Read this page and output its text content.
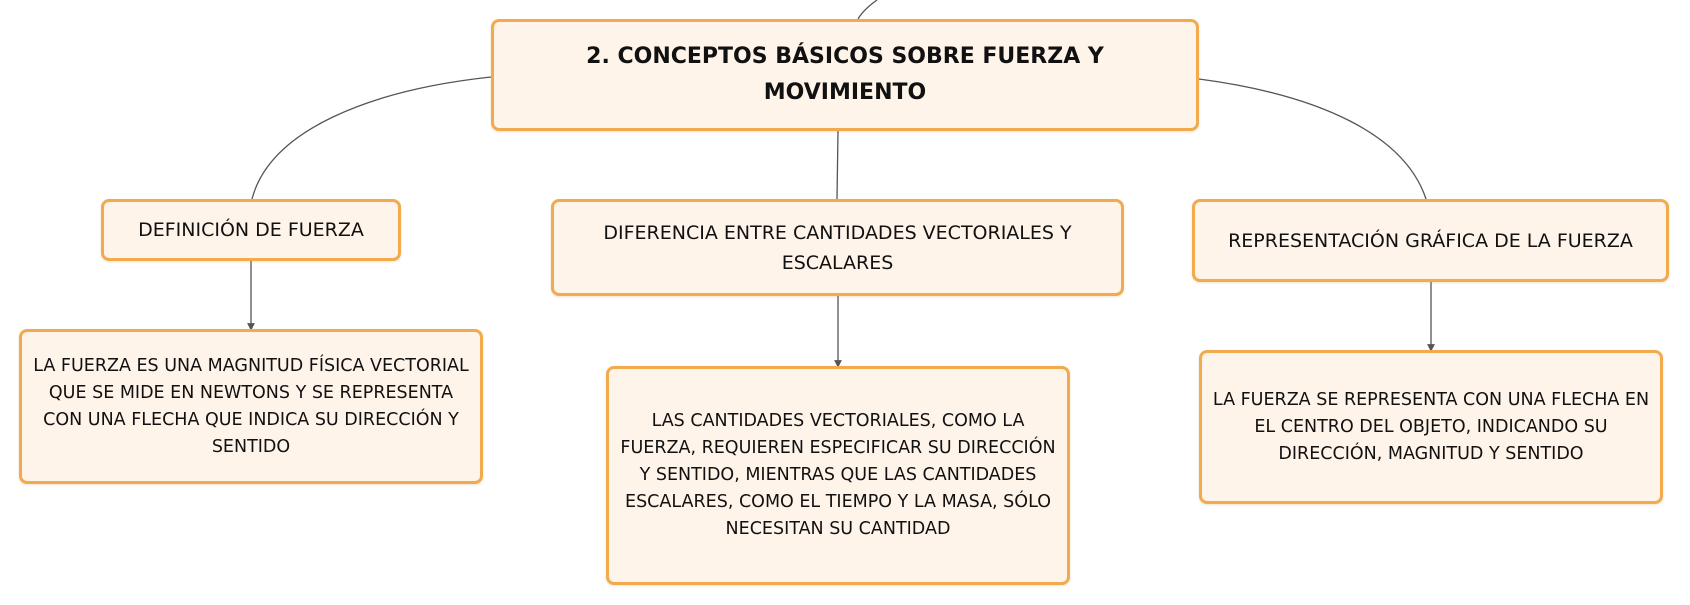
2. CONCEPTOS BÁSICOS SOBRE FUERZA Y MOVIMIENTO
DEFINICIÓN DE FUERZA	DIFERENCIA ENTRE CANTIDADES VECTORIALES Y ESCALARES
REPRESENTACIÓN GRÁFICA DE LA FUERZA
LA FUERZA ES UNA MAGNITUD FÍSICA VECTORIAL QUE SE MIDE EN NEWTONS Y SE REPRESENTA CON UNA FLECHA QUE INDICA SU DIRECCIÓN Y SENTIDO
LAS CANTIDADES VECTORIALES, COMO LA FUERZA, REQUIEREN ESPECIFICAR SU DIRECCIÓN Y SENTIDO, MIENTRAS QUE LAS CANTIDADES ESCALARES, COMO EL TIEMPO Y LA MASA, SÓLO NECESITAN SU CANTIDAD
LA FUERZA SE REPRESENTA CON UNA FLECHA EN EL CENTRO DEL OBJETO, INDICANDO SU DIRECCIÓN, MAGNITUD Y SENTIDO
